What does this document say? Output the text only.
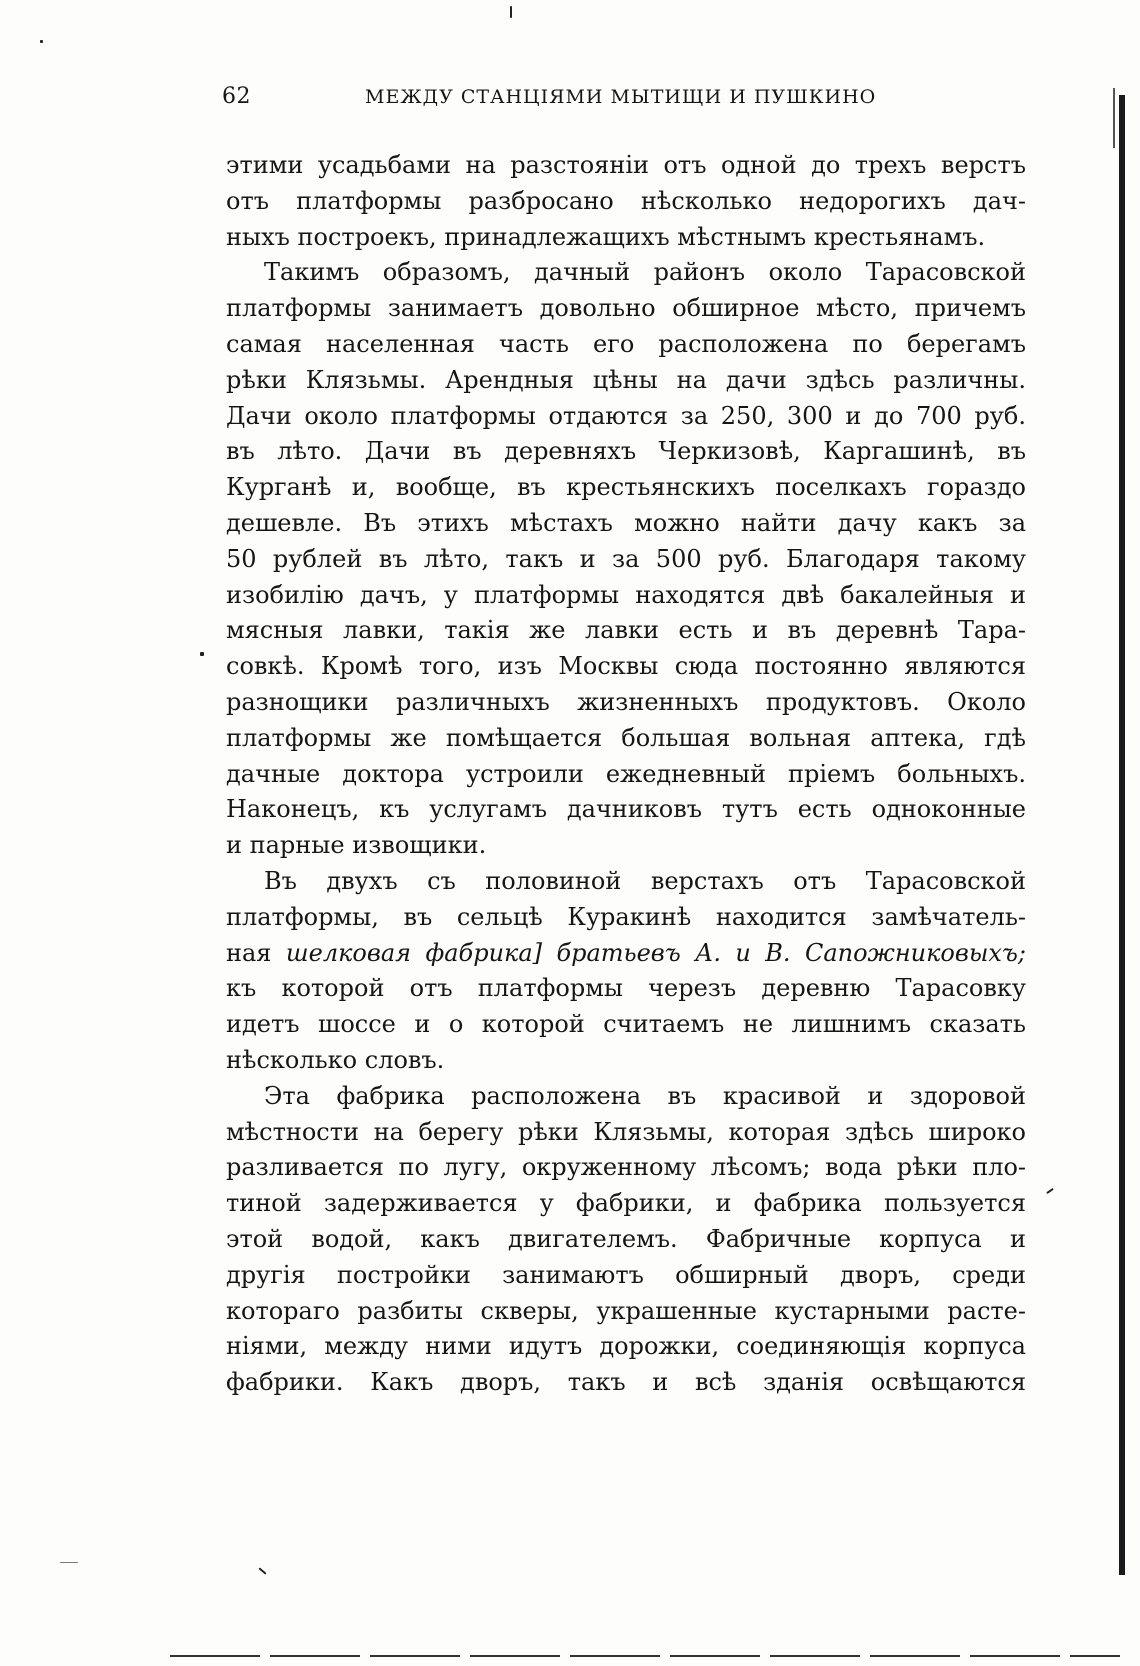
62	МЕЖДУ СТАНЦІЯМИ МЫТИЩИ И ПУШКИНО
этими усадьбами на разстояніи отъ одной до трехъ верстъ
отъ платформы разбросано нѣсколько недорогихъ дач-
ныхъ построекъ, принадлежащихъ мѣстнымъ крестьянамъ.
Такимъ образомъ, дачный районъ около Тарасовской
платформы занимаетъ довольно обширное мѣсто, причемъ
самая населенная часть его расположена по берегамъ
рѣки Клязьмы. Арендныя цѣны на дачи здѣсь различны.
Дачи около платформы отдаются за 250, 300 и до 700 руб.
въ лѣто. Дачи въ деревняхъ Черкизовѣ, Каргашинѣ, въ
Курганѣ и, вообще, въ крестьянскихъ поселкахъ гораздо
дешевле. Въ этихъ мѣстахъ можно найти дачу какъ за
50 рублей въ лѣто, такъ и за 500 руб. Благодаря такому
изобилію дачъ, у платформы находятся двѣ бакалейныя и
мясныя лавки, такія же лавки есть и въ деревнѣ Тара-
совкѣ. Кромѣ того, изъ Москвы сюда постоянно являются
разнощики различныхъ жизненныхъ продуктовъ. Около
платформы же помѣщается большая вольная аптека, гдѣ
дачные доктора устроили ежедневный пріемъ больныхъ.
Наконецъ, къ услугамъ дачниковъ тутъ есть одноконные
и парные извощики.
Въ двухъ съ половиной верстахъ отъ Тарасовской
платформы, въ сельцѣ Куракинѣ находится замѣчатель-
ная шелковая фабрика] братьевъ А. и В. Сапожниковыхъ;
къ которой отъ платформы черезъ деревню Тарасовку
идетъ шоссе и о которой считаемъ не лишнимъ сказать
нѣсколько словъ.
Эта фабрика расположена въ красивой и здоровой
мѣстности на берегу рѣки Клязьмы, которая здѣсь широко
разливается по лугу, окруженному лѣсомъ; вода рѣки пло-
тиной задерживается у фабрики, и фабрика пользуется
этой водой, какъ двигателемъ. Фабричные корпуса и
другія постройки занимаютъ обширный дворъ, среди
котораго разбиты скверы, украшенные кустарными расте-
ніями, между ними идутъ дорожки, соединяющія корпуса
фабрики. Какъ дворъ, такъ и всѣ зданія освѣщаются
